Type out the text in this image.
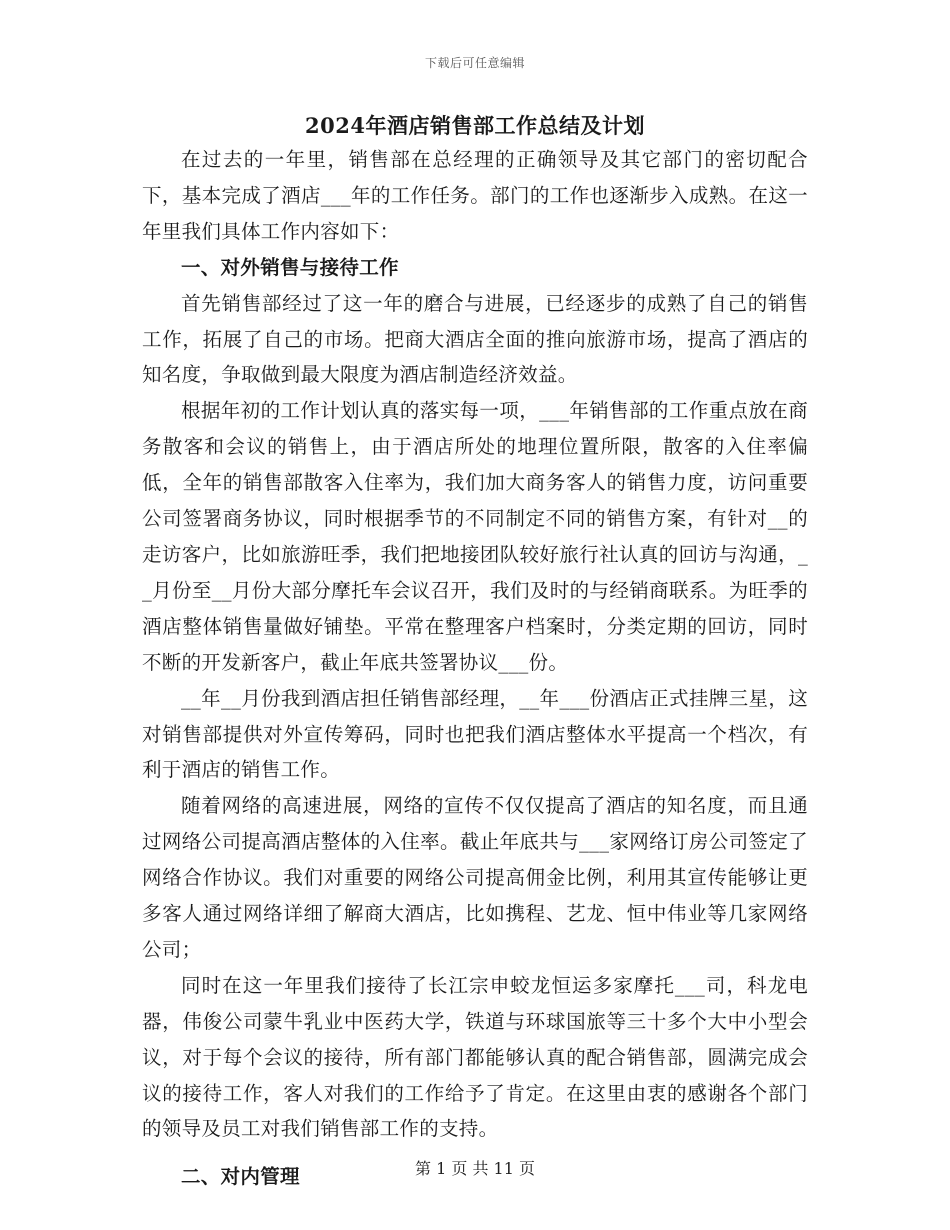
下载后可任意编辑
2024年酒店销售部工作总结及计划

在过去的一年里，销售部在总经理的正确领导及其它部门的密切配合下，基本完成了酒店___年的工作任务。部门的工作也逐渐步入成熟。在这一年里我们具体工作内容如下：

一、对外销售与接待工作

首先销售部经过了这一年的磨合与进展，已经逐步的成熟了自己的销售工作，拓展了自己的市场。把商大酒店全面的推向旅游市场，提高了酒店的知名度，争取做到最大限度为酒店制造经济效益。

根据年初的工作计划认真的落实每一项，___年销售部的工作重点放在商务散客和会议的销售上，由于酒店所处的地理位置所限，散客的入住率偏低，全年的销售部散客入住率为，我们加大商务客人的销售力度，访问重要公司签署商务协议，同时根据季节的不同制定不同的销售方案，有针对__的走访客户，比如旅游旺季，我们把地接团队较好旅行社认真的回访与沟通，__月份至__月份大部分摩托车会议召开，我们及时的与经销商联系。为旺季的酒店整体销售量做好铺垫。平常在整理客户档案时，分类定期的回访，同时不断的开发新客户，截止年底共签署协议___份。

__年__月份我到酒店担任销售部经理，__年___份酒店正式挂牌三星，这对销售部提供对外宣传筹码，同时也把我们酒店整体水平提高一个档次，有利于酒店的销售工作。

随着网络的高速进展，网络的宣传不仅仅提高了酒店的知名度，而且通过网络公司提高酒店整体的入住率。截止年底共与___家网络订房公司签定了网络合作协议。我们对重要的网络公司提高佣金比例，利用其宣传能够让更多客人通过网络详细了解商大酒店，比如携程、艺龙、恒中伟业等几家网络公司；

同时在这一年里我们接待了长江宗申蛟龙恒运多家摩托___司，科龙电器，伟俊公司蒙牛乳业中医药大学，铁道与环球国旅等三十多个大中小型会议，对于每个会议的接待，所有部门都能够认真的配合销售部，圆满完成会议的接待工作，客人对我们的工作给予了肯定。在这里由衷的感谢各个部门的领导及员工对我们销售部工作的支持。

二、对内管理	第 1 页 共 11 页
